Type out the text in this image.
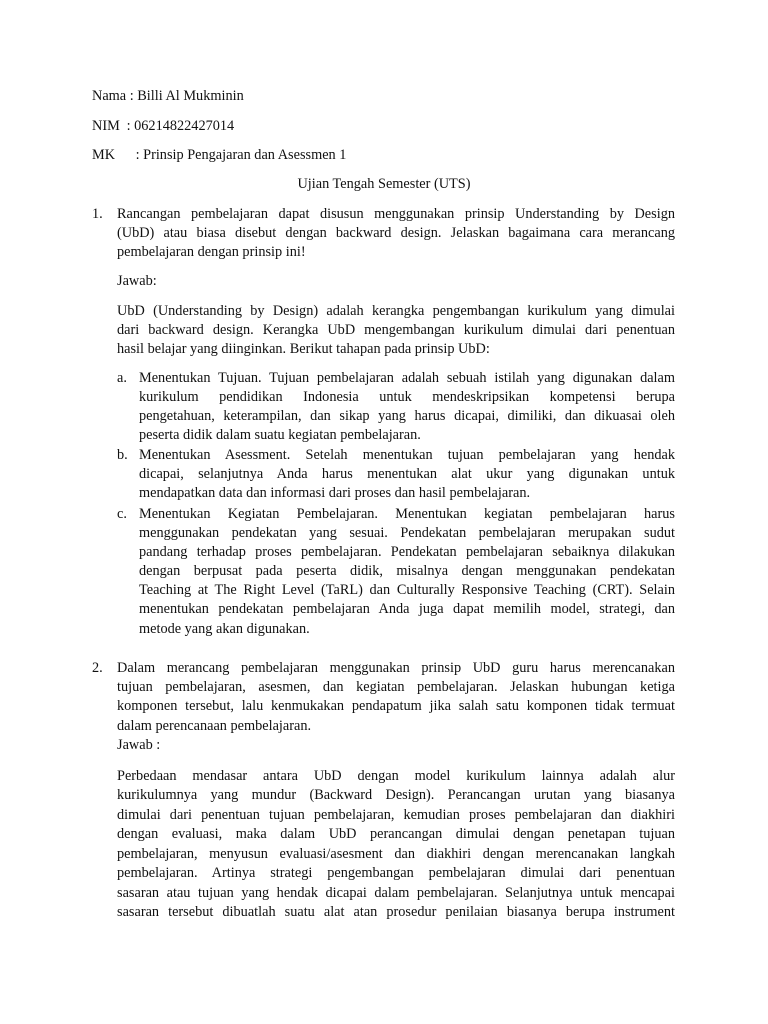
Nama : Billi Al Mukminin
NIM : 06214822427014
MK : Prinsip Pengajaran dan Asessmen 1
Ujian Tengah Semester (UTS)
1. Rancangan pembelajaran dapat disusun menggunakan prinsip Understanding by Design
(UbD) atau biasa disebut dengan backward design. Jelaskan bagaimana cara merancang
pembelajaran dengan prinsip ini!
Jawab:
UbD (Understanding by Design) adalah kerangka pengembangan kurikulum yang dimulai
dari backward design. Kerangka UbD mengembangan kurikulum dimulai dari penentuan
hasil belajar yang diinginkan. Berikut tahapan pada prinsip UbD:
a. Menentukan Tujuan. Tujuan pembelajaran adalah sebuah istilah yang digunakan dalam
kurikulum pendidikan Indonesia untuk mendeskripsikan kompetensi berupa
pengetahuan, keterampilan, dan sikap yang harus dicapai, dimiliki, dan dikuasai oleh
peserta didik dalam suatu kegiatan pembelajaran.
b. Menentukan Asessment. Setelah menentukan tujuan pembelajaran yang hendak
dicapai, selanjutnya Anda harus menentukan alat ukur yang digunakan untuk
mendapatkan data dan informasi dari proses dan hasil pembelajaran.
c. Menentukan Kegiatan Pembelajaran. Menentukan kegiatan pembelajaran harus
menggunakan pendekatan yang sesuai. Pendekatan pembelajaran merupakan sudut
pandang terhadap proses pembelajaran. Pendekatan pembelajaran sebaiknya dilakukan
dengan berpusat pada peserta didik, misalnya dengan menggunakan pendekatan
Teaching at The Right Level (TaRL) dan Culturally Responsive Teaching (CRT). Selain
menentukan pendekatan pembelajaran Anda juga dapat memilih model, strategi, dan
metode yang akan digunakan.
2. Dalam merancang pembelajaran menggunakan prinsip UbD guru harus merencanakan
tujuan pembelajaran, asesmen, dan kegiatan pembelajaran. Jelaskan hubungan ketiga
komponen tersebut, lalu kenmukakan pendapatum jika salah satu komponen tidak termuat
dalam perencanaan pembelajaran.
Jawab :
Perbedaan mendasar antara UbD dengan model kurikulum lainnya adalah alur
kurikulumnya yang mundur (Backward Design). Perancangan urutan yang biasanya
dimulai dari penentuan tujuan pembelajaran, kemudian proses pembelajaran dan diakhiri
dengan evaluasi, maka dalam UbD perancangan dimulai dengan penetapan tujuan
pembelajaran, menyusun evaluasi/asesment dan diakhiri dengan merencanakan langkah
pembelajaran. Artinya strategi pengembangan pembelajaran dimulai dari penentuan
sasaran atau tujuan yang hendak dicapai dalam pembelajaran. Selanjutnya untuk mencapai
sasaran tersebut dibuatlah suatu alat atan prosedur penilaian biasanya berupa instrument
